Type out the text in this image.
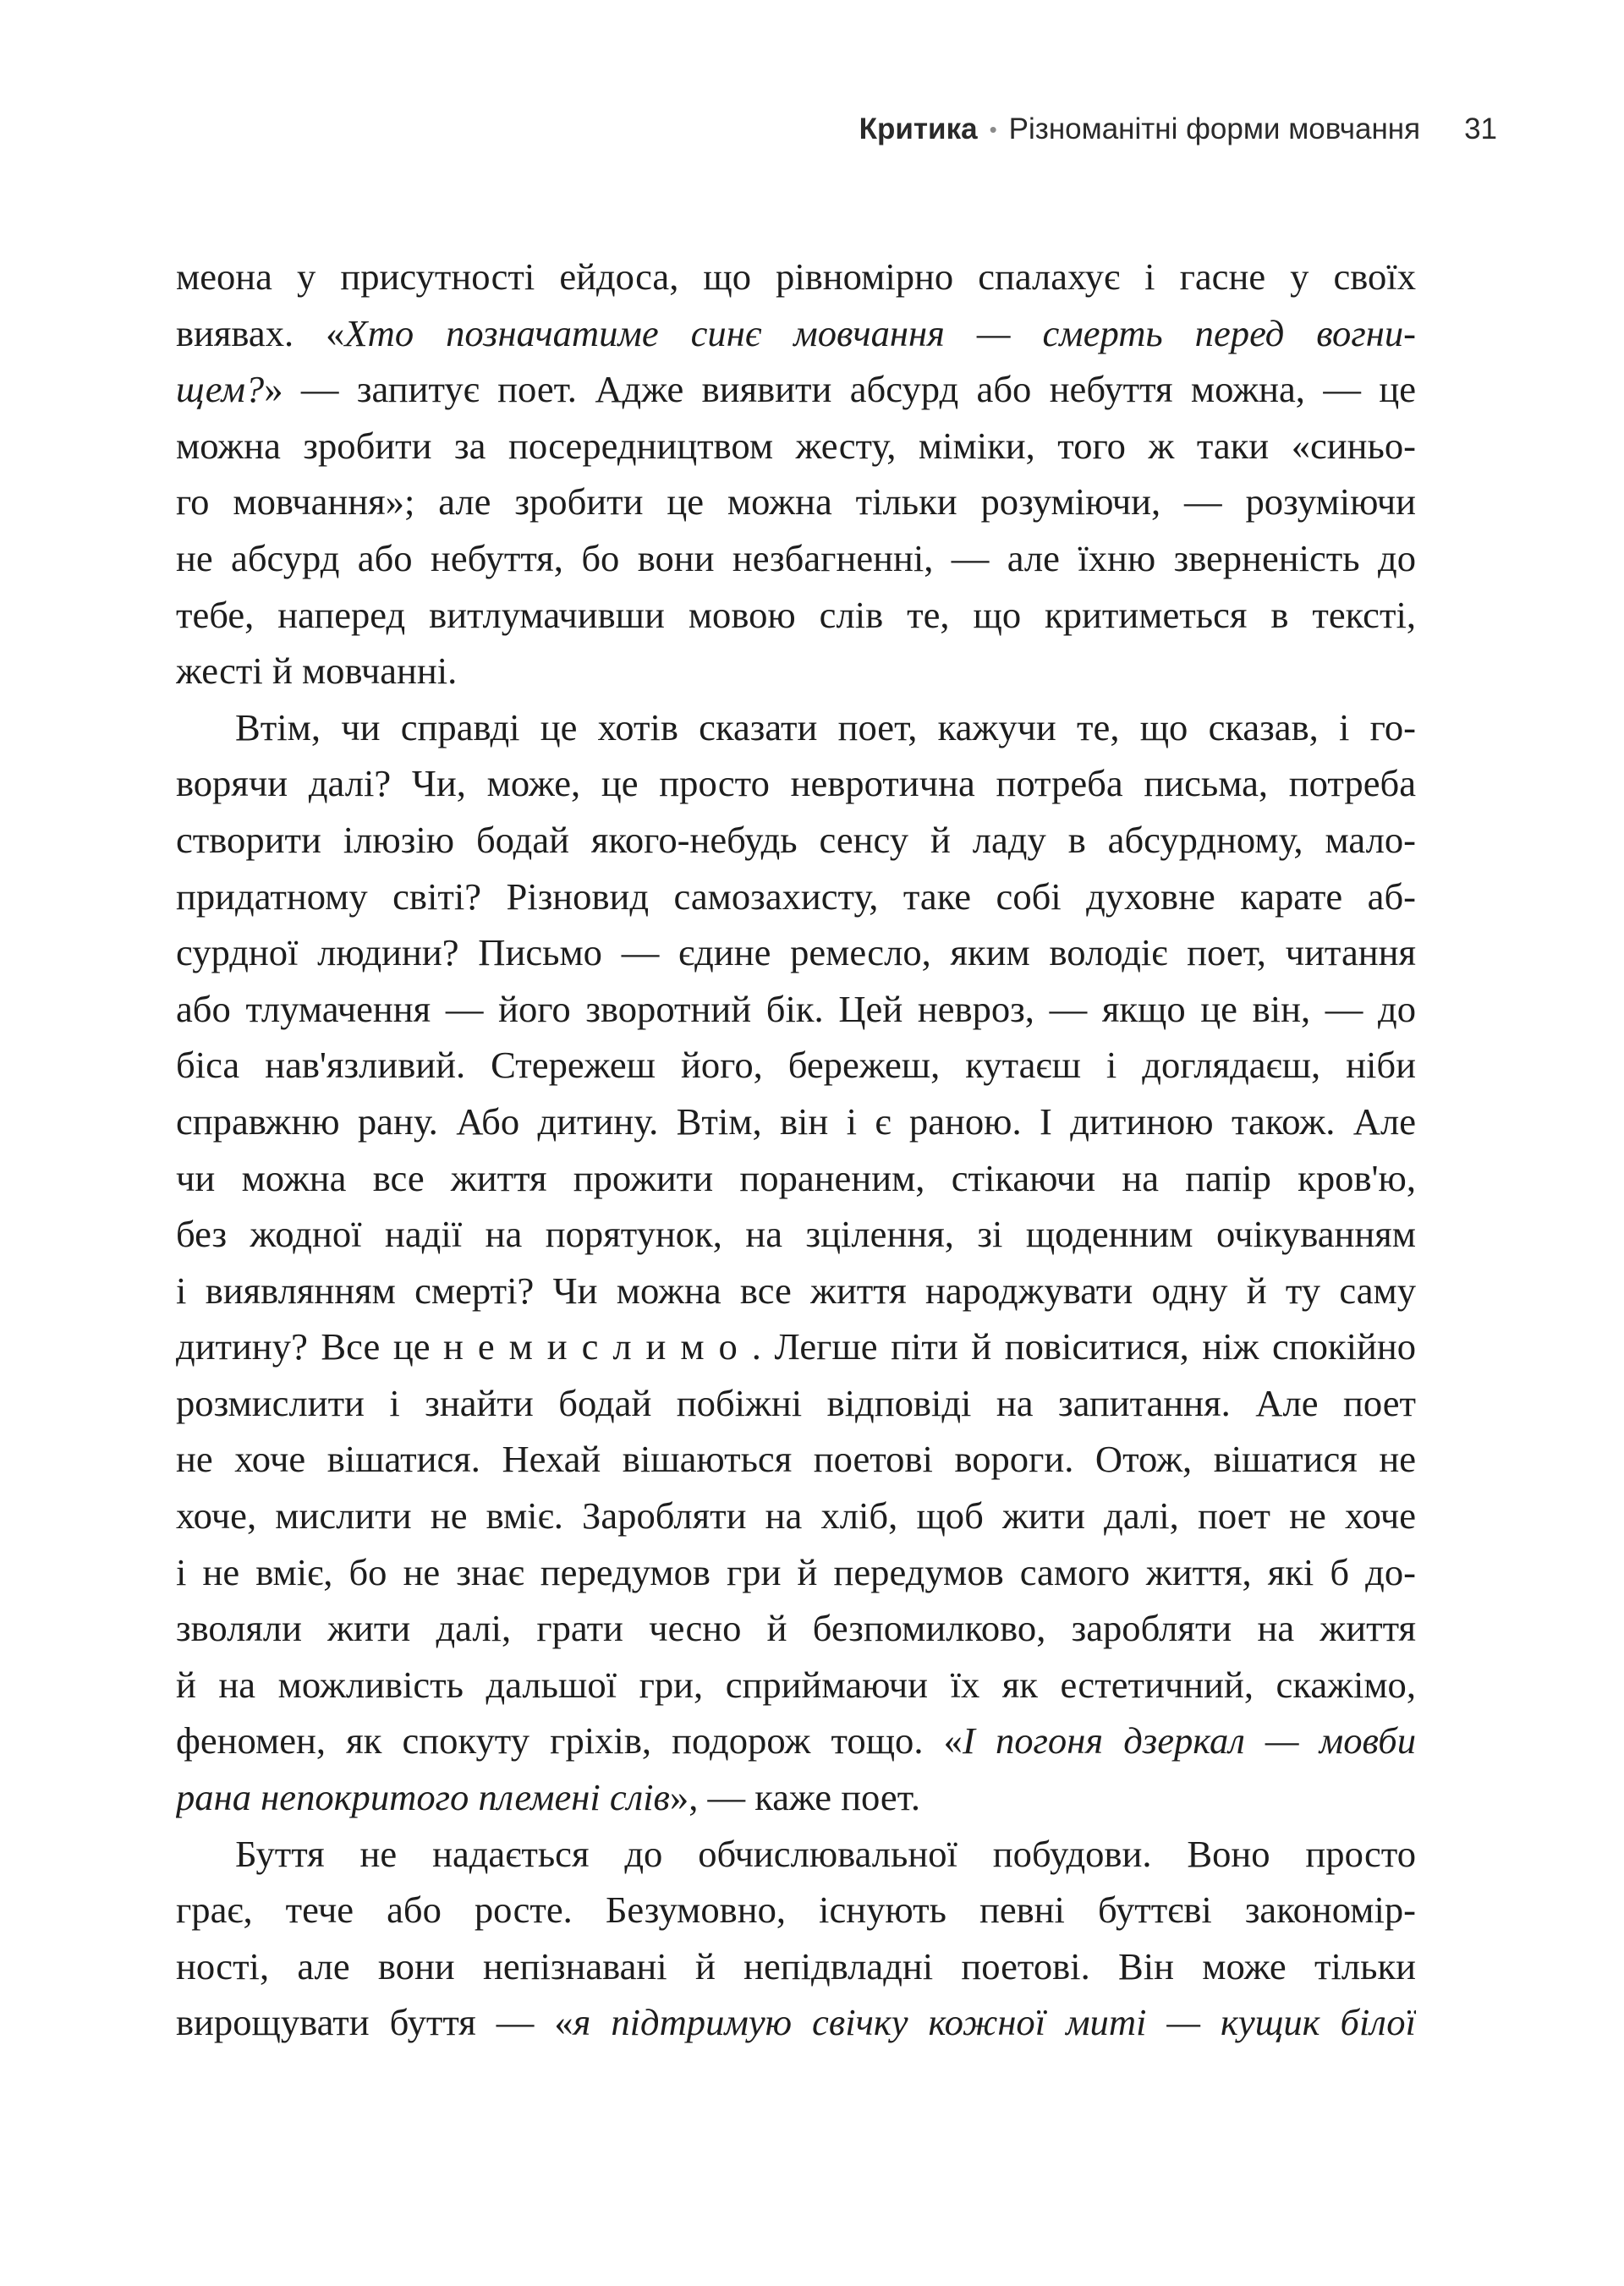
Критика • Різноманітні форми мовчання 31
меона у присутності ейдоса, що рівномірно спалахує і гасне у своїх
виявах. «Хто позначатиме синє мовчання — смерть перед вогни-
щем?» — запитує поет. Адже виявити абсурд або небуття можна, — це
можна зробити за посередництвом жесту, міміки, того ж таки «синьо-
го мовчання»; але зробити це можна тільки розуміючи, — розуміючи
не абсурд або небуття, бо вони незбагненні, — але їхню зверненість до
тебе, наперед витлумачивши мовою слів те, що критиметься в тексті,
жесті й мовчанні.
Втім, чи справді це хотів сказати поет, кажучи те, що сказав, і го-
ворячи далі? Чи, може, це просто невротична потреба письма, потреба
створити ілюзію бодай якого-небудь сенсу й ладу в абсурдному, мало-
придатному світі? Різновид самозахисту, таке собі духовне карате аб-
сурдної людини? Письмо — єдине ремесло, яким володіє поет, читання
або тлумачення — його зворотний бік. Цей невроз, — якщо це він, — до
біса нав'язливий. Стережеш його, бережеш, кутаєш і доглядаєш, ніби
справжню рану. Або дитину. Втім, він і є раною. І дитиною також. Але
чи можна все життя прожити пораненим, стікаючи на папір кров'ю,
без жодної надії на порятунок, на зцілення, зі щоденним очікуванням
і виявлянням смерті? Чи можна все життя народжувати одну й ту саму
дитину? Все це немислимо. Легше піти й повіситися, ніж спокійно
розмислити і знайти бодай побіжні відповіді на запитання. Але поет
не хоче вішатися. Нехай вішаються поетові вороги. Отож, вішатися не
хоче, мислити не вміє. Заробляти на хліб, щоб жити далі, поет не хоче
і не вміє, бо не знає передумов гри й передумов самого життя, які б до-
зволяли жити далі, грати чесно й безпомилково, заробляти на життя
й на можливість дальшої гри, сприймаючи їх як естетичний, скажімо,
феномен, як спокуту гріхів, подорож тощо. «І погоня дзеркал — мовби
рана непокритого племені слів», — каже поет.
Буття не надається до обчислювальної побудови. Воно просто
грає, тече або росте. Безумовно, існують певні буттєві закономір-
ності, але вони непізнавані й непідвладні поетові. Він може тільки
вирощувати буття — «я підтримую свічку кожної миті — кущик білої
